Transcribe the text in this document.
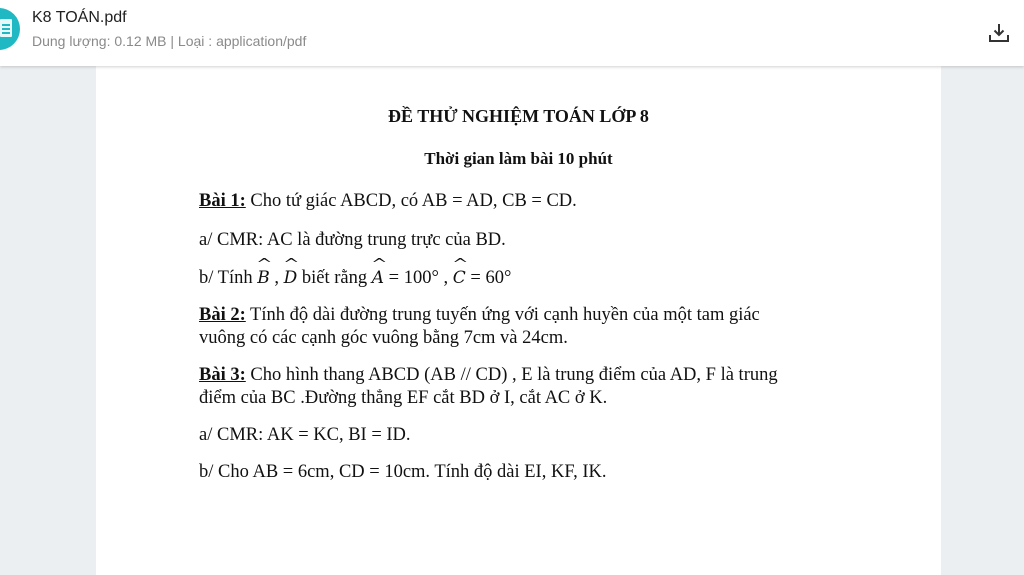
K8 TOÁN.pdf
Dung lượng: 0.12 MB | Loại : application/pdf
ĐỀ THỬ NGHIỆM TOÁN LỚP 8
Thời gian làm bài 10 phút
Bài 1: Cho tứ giác ABCD, có AB = AD, CB = CD.
a/ CMR: AC là đường trung trực của BD.
b/ Tính ^ B , ^ D biết rằng ^ A = 100° , ^ C = 60°
Bài 2: Tính độ dài đường trung tuyến ứng với cạnh huyền của một tam giác
vuông có các cạnh góc vuông bằng 7cm và 24cm.
Bài 3: Cho hình thang ABCD (AB // CD) , E là trung điểm của AD, F là trung
điểm của BC .Đường thẳng EF cắt BD ở I, cắt AC ở K.
a/ CMR: AK = KC, BI = ID.
b/ Cho AB = 6cm, CD = 10cm. Tính độ dài EI, KF, IK.
